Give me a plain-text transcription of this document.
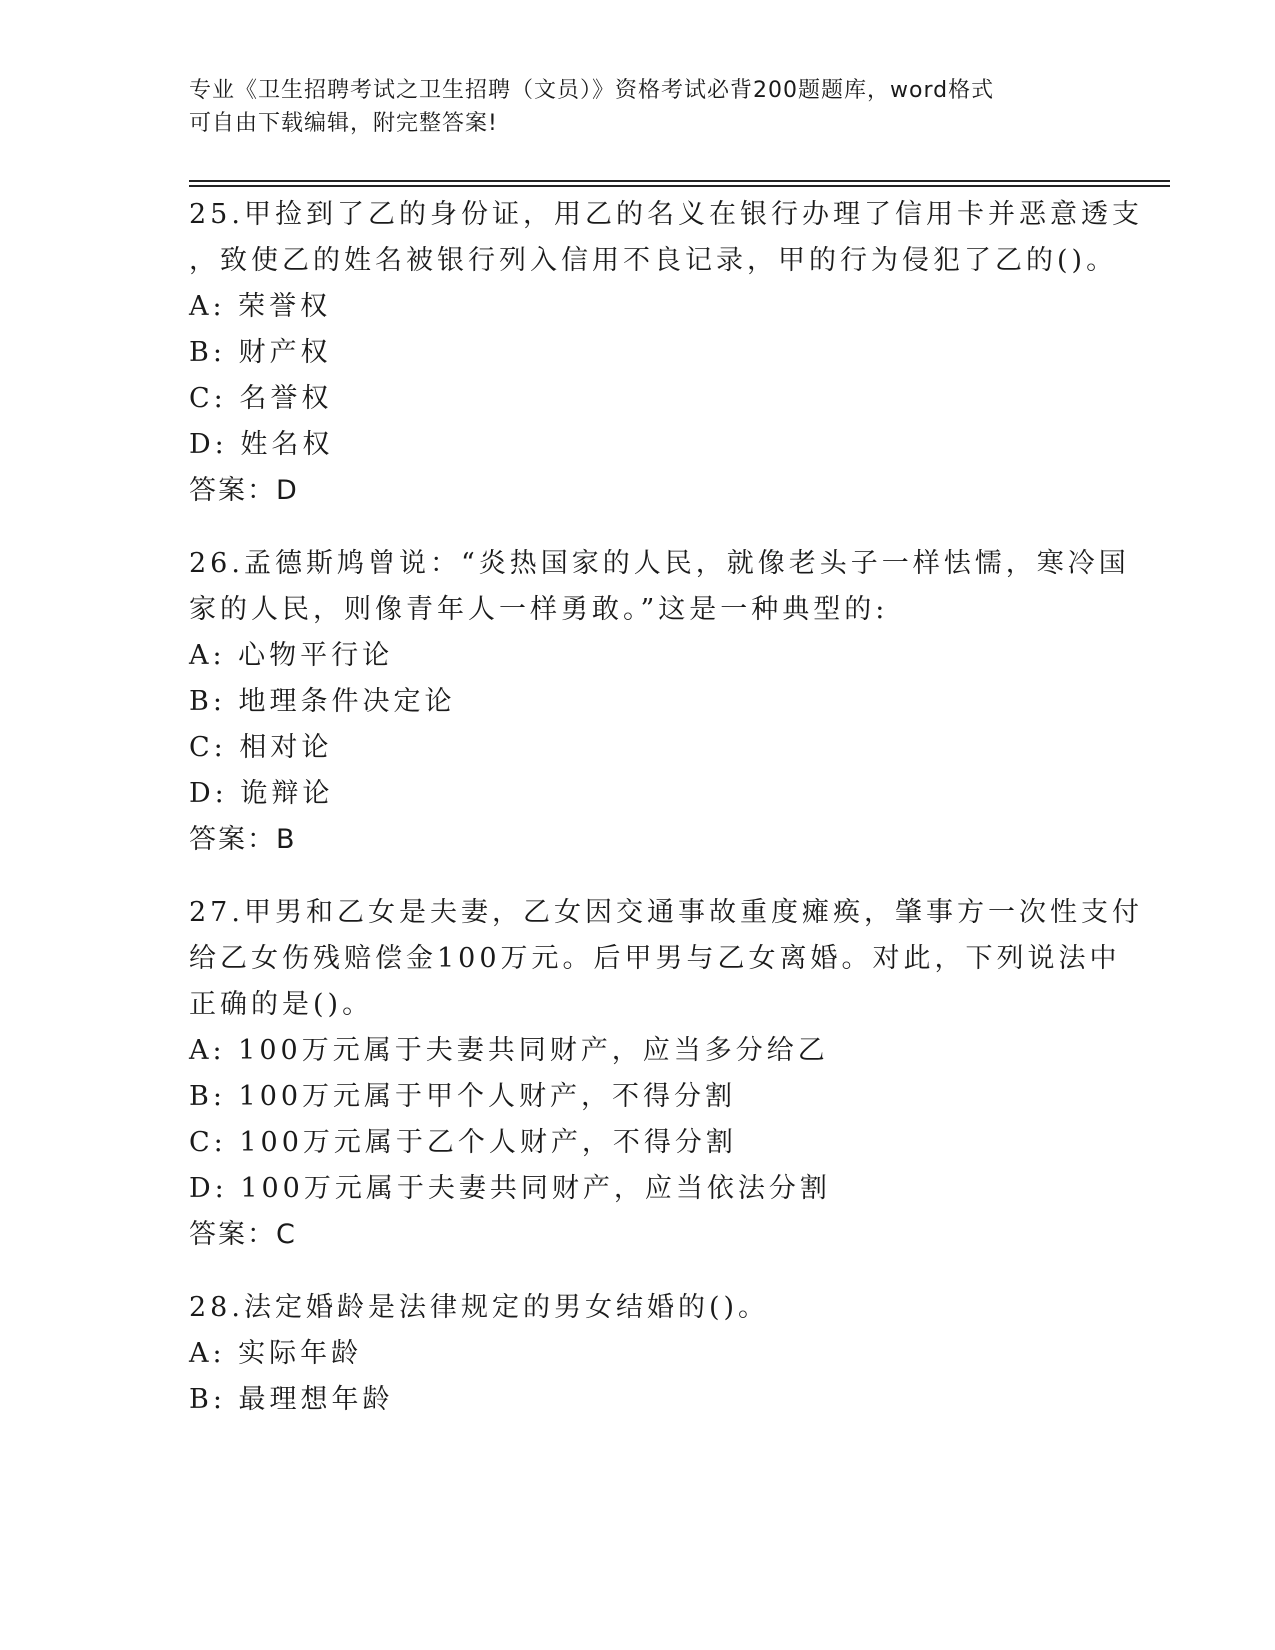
专业《卫生招聘考试之卫生招聘（文员）》资格考试必背200题题库，word格式
可自由下载编辑，附完整答案!
25.甲捡到了乙的身份证，用乙的名义在银行办理了信用卡并恶意透支
，致使乙的姓名被银行列入信用不良记录，甲的行为侵犯了乙的()。
A: 荣誉权
B: 财产权
C: 名誉权
D: 姓名权
答案：D
26.孟德斯鸠曾说：“炎热国家的人民，就像老头子一样怯懦，寒冷国
家的人民，则像青年人一样勇敢。”这是一种典型的:
A: 心物平行论
B: 地理条件决定论
C: 相对论
D: 诡辩论
答案：B
27.甲男和乙女是夫妻，乙女因交通事故重度瘫痪，肇事方一次性支付
给乙女伤残赔偿金100万元。后甲男与乙女离婚。对此，下列说法中
正确的是()。
A: 100万元属于夫妻共同财产，应当多分给乙
B: 100万元属于甲个人财产，不得分割
C: 100万元属于乙个人财产，不得分割
D: 100万元属于夫妻共同财产，应当依法分割
答案：C
28.法定婚龄是法律规定的男女结婚的()。
A: 实际年龄
B: 最理想年龄
